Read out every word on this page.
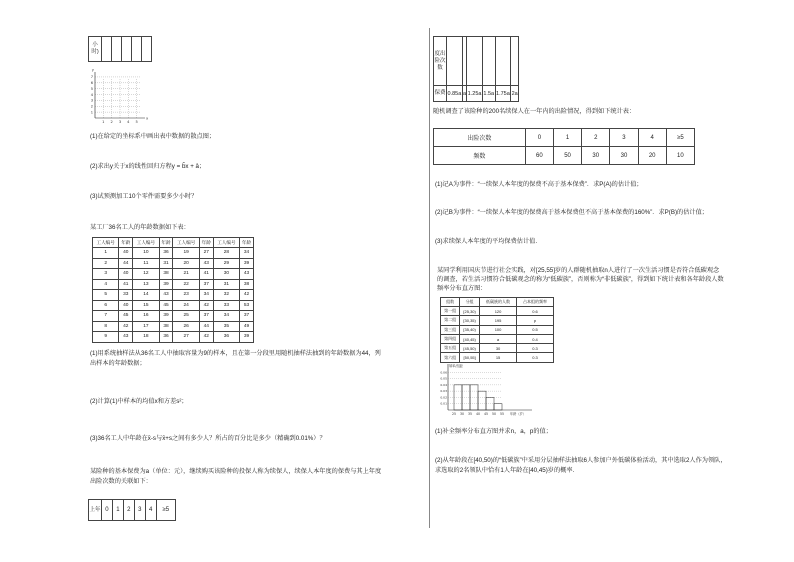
小时)					
1 2 3 4 5
1
2
3
4
5
6
7
x
y
(1)在给定的坐标系中画出表中数据的散点图；
(2)求出y关于x的线性回归方程y = b̂x + â；
(3)试预测加工10个零件需要多少小时？
某工厂36名工人的年龄数据如下表：
工人编号	年龄	工人编号	年龄	工人编号	年龄	工人编号	年龄
1	40	10	36	19	27	28	34
2	44	11	31	20	43	29	39
3	40	12	38	21	41	30	43
4	41	13	39	22	37	31	38
5	33	14	43	23	34	32	42
6	40	15	45	24	42	33	53
7	45	16	39	25	37	34	37
8	42	17	38	26	44	35	49
9	43	18	36	27	42	36	39
(1)用系统抽样法从36名工人中抽取容量为9的样本，且在第一分段里用随机抽样法抽到的年龄数据为44，列
出样本的年龄数据；
(2)计算(1)中样本的均值x和方差s²；
(3)36名工人中年龄在x̄-s与x̄+s之间有多少人？所占的百分比是多少（精确到0.01%）？
某险种的基本保费为a（单位：元），继续购买该险种的投保人称为续保人，续保人本年度的保费与其上年度
出险次数的关联如下：
上年	0	1	2	3	4	≥5
度出险次数						
保费	0.85a	a	1.25a	1.5a	1.75a	2a
随机调查了该险种的200名续保人在一年内的出险情况，得到如下统计表：
出险次数	0	1	2	3	4	≥5
频数	60	50	30	30	20	10
(1)记A为事件：“一续保人本年度的保费不高于基本保费”．求P(A)的估计值；
(2)记B为事件：“一续保人本年度的保费高于基本保费但不高于基本保费的160%”．求P(B)的估计值；
(3)求续保人本年度的平均保费估计值．
某同学利用国庆节进行社会实践，对[25,55]岁的人群随机抽取n人进行了一次生活习惯是否符合低碳观念
的调查，若生活习惯符合低碳观念的称为“低碳族”，否则称为“非低碳族”，得到如下统计表和各年龄段人数
频率分布直方图：
组数	分组	低碳族的人数	占本组的频率
第一组	[25,30)	120	0.6
第二组	[30,35)	195	p
第三组	[35,40)	100	0.5
第四组	[40,45)	a	0.4
第五组	[45,50)	30	0.3
第六组	[50,55]	15	0.3
频率/组距
0.01
0.02
0.03
0.04
0.05
0.06
25 30 35 40 45 50 55 年龄（岁）
(1)补全频率分布直方图并求n，a，p的值；
(2)从年龄段在[40,50)的“低碳族”中采用分层抽样法抽取6人参加户外低碳体验活动，其中选取2人作为领队，
求选取的2名领队中恰有1人年龄在[40,45)岁的概率．
